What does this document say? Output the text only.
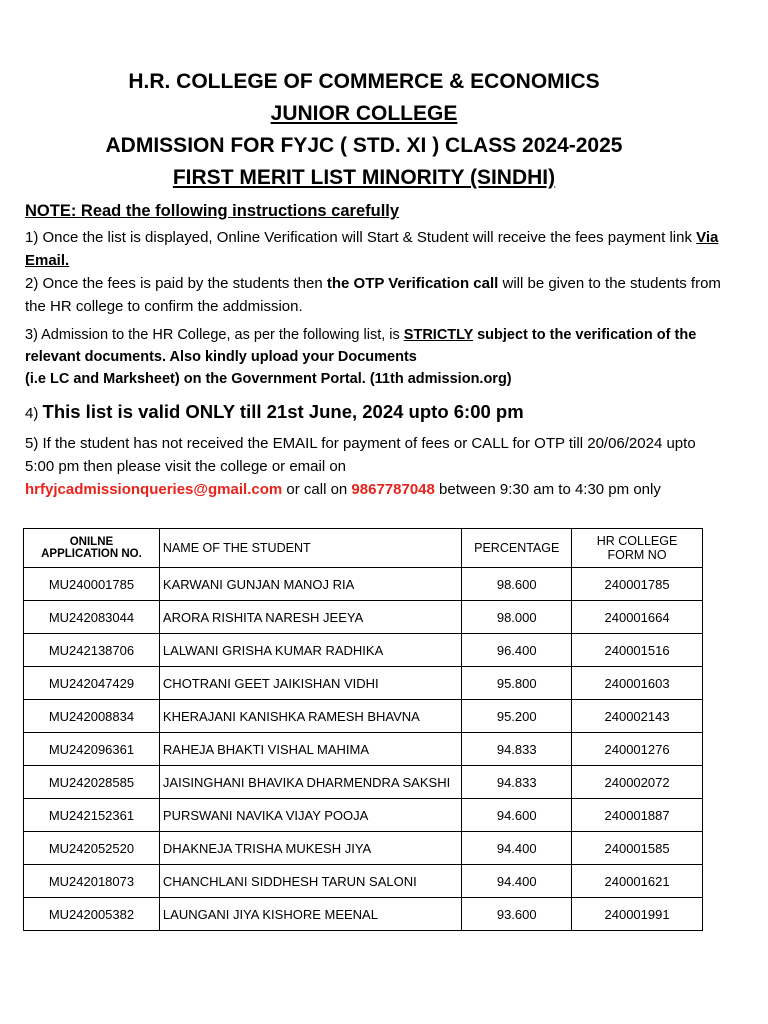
H.R. COLLEGE OF COMMERCE & ECONOMICS
JUNIOR COLLEGE
ADMISSION FOR FYJC ( STD. XI ) CLASS 2024-2025
FIRST MERIT LIST MINORITY (SINDHI)
NOTE: Read the following instructions carefully
1) Once the list is displayed, Online Verification will Start & Student will receive the fees payment link Via Email.
2) Once the fees is paid by the students then the OTP Verification call will be given to the students from the HR college to confirm the addmission.
3) Admission to the HR College, as per the following list, is STRICTLY subject to the verification of the relevant documents. Also kindly upload your Documents
(i.e LC and Marksheet) on the Government Portal. (11th admission.org)
4) This list is valid ONLY till 21st June, 2024 upto 6:00 pm
5) If the student has not received the EMAIL for payment of fees or CALL for OTP till 20/06/2024 upto 5:00 pm then please visit the college or email on
hrfyjcadmissionqueries@gmail.com or call on 9867787048 between 9:30 am to 4:30 pm only
ONILNE
APPLICATION NO.	NAME OF THE STUDENT	PERCENTAGE	HR COLLEGE
FORM NO
MU240001785	KARWANI GUNJAN MANOJ RIA	98.600	240001785
MU242083044	ARORA RISHITA NARESH JEEYA	98.000	240001664
MU242138706	LALWANI GRISHA KUMAR RADHIKA	96.400	240001516
MU242047429	CHOTRANI GEET JAIKISHAN VIDHI	95.800	240001603
MU242008834	KHERAJANI KANISHKA RAMESH BHAVNA	95.200	240002143
MU242096361	RAHEJA BHAKTI VISHAL MAHIMA	94.833	240001276
MU242028585	JAISINGHANI BHAVIKA DHARMENDRA SAKSHI	94.833	240002072
MU242152361	PURSWANI NAVIKA VIJAY POOJA	94.600	240001887
MU242052520	DHAKNEJA TRISHA MUKESH JIYA	94.400	240001585
MU242018073	CHANCHLANI SIDDHESH TARUN SALONI	94.400	240001621
MU242005382	LAUNGANI JIYA KISHORE MEENAL	93.600	240001991
